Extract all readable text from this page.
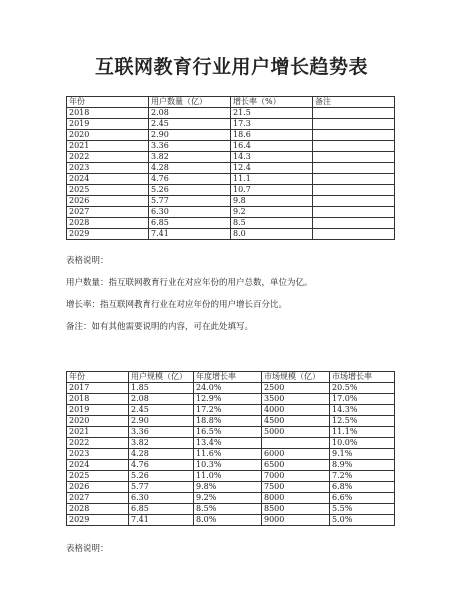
互联网教育行业用户增长趋势表
年份	用户数量（亿）	增长率（%）	备注
2018	2.08	21.5	
2019	2.45	17.3	
2020	2.90	18.6	
2021	3.36	16.4	
2022	3.82	14.3	
2023	4.28	12.4	
2024	4.76	11.1	
2025	5.26	10.7	
2026	5.77	9.8	
2027	6.30	9.2	
2028	6.85	8.5	
2029	7.41	8.0	
表格说明：
用户数量：指互联网教育行业在对应年份的用户总数，单位为亿。
增长率：指互联网教育行业在对应年份的用户增长百分比。
备注：如有其他需要说明的内容，可在此处填写。
年份	用户规模（亿）	年度增长率	市场规模（亿）	市场增长率
2017	1.85	24.0%	2500	20.5%
2018	2.08	12.9%	3500	17.0%
2019	2.45	17.2%	4000	14.3%
2020	2.90	18.8%	4500	12.5%
2021	3.36	16.5%	5000	11.1%
2022	3.82	13.4%		10.0%
2023	4.28	11.6%	6000	9.1%
2024	4.76	10.3%	6500	8.9%
2025	5.26	11.0%	7000	7.2%
2026	5.77	9.8%	7500	6.8%
2027	6.30	9.2%	8000	6.6%
2028	6.85	8.5%	8500	5.5%
2029	7.41	8.0%	9000	5.0%
表格说明：
